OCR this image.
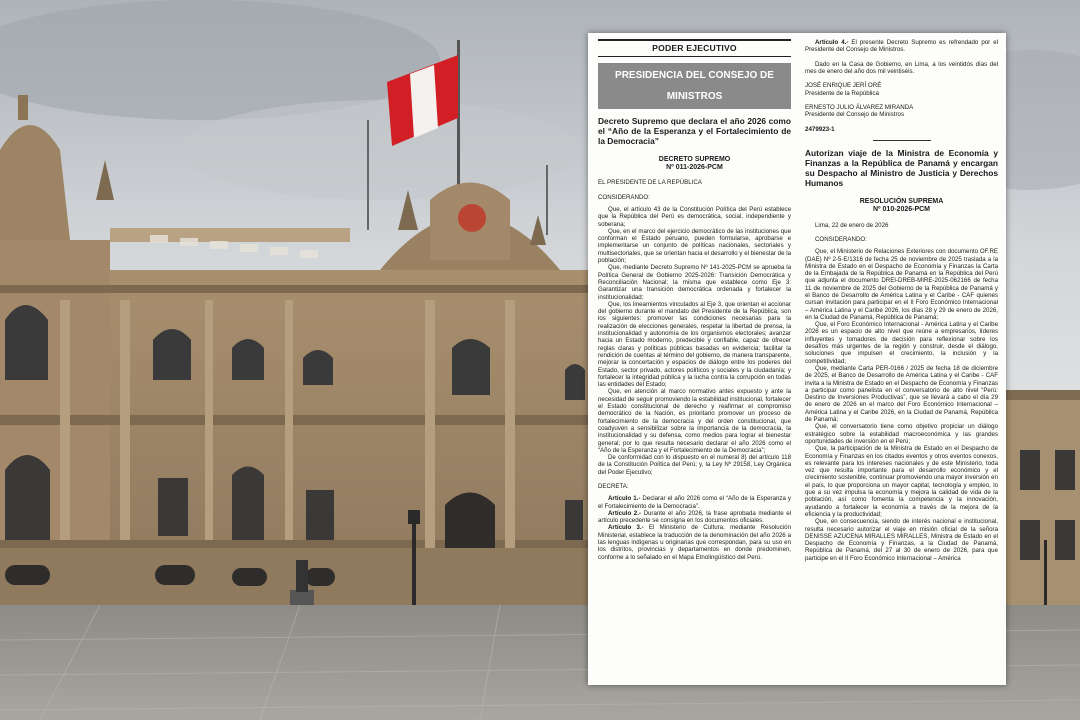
PODER EJECUTIVO
PRESIDENCIA DEL CONSEJO DE MINISTROS
Decreto Supremo que declara el año 2026 como el “Año de la Esperanza y el Fortalecimiento de la Democracia”
DECRETO SUPREMO
Nº 011-2026-PCM
EL PRESIDENTE DE LA REPÚBLICA
CONSIDERANDO:
Que, el artículo 43 de la Constitución Política del Perú establece que la República del Perú es democrática, social, independiente y soberana;
Que, en el marco del ejercicio democrático de las instituciones que conforman el Estado peruano, pueden formularse, aprobarse e implementarse un conjunto de políticas nacionales, sectoriales y multisectoriales, que se orientan hacia el desarrollo y el bienestar de la población;
Que, mediante Decreto Supremo Nº 141-2025-PCM se aprueba la Política General de Gobierno 2025-2026: Transición Democrática y Reconciliación Nacional; la misma que establece como Eje 3: Garantizar una transición democrática ordenada y fortalecer la institucionalidad;
Que, los lineamientos vinculados al Eje 3, que orientan el accionar del gobierno durante el mandato del Presidente de la República, son los siguientes: promover las condiciones necesarias para la realización de elecciones generales, respetar la libertad de prensa, la institucionalidad y autonomía de los organismos electorales; avanzar hacia un Estado moderno, predecible y confiable, capaz de ofrecer reglas claras y políticas públicas basadas en evidencia; facilitar la rendición de cuentas al término del gobierno, de manera transparente, mejorar la concertación y espacios de diálogo entre los poderes del Estado, sector privado, actores políticos y sociales y la ciudadanía; y fortalecer la integridad pública y la lucha contra la corrupción en todas las entidades del Estado;
Que, en atención al marco normativo antes expuesto y ante la necesidad de seguir promoviendo la estabilidad institucional, fortalecer el Estado constitucional de derecho y reafirmar el compromiso democrático de la Nación, es prioritario promover un proceso de fortalecimiento de la democracia y del orden constitucional, que coadyuven a sensibilizar sobre la importancia de la democracia, la institucionalidad y su defensa, como medios para lograr el bienestar general; por lo que resulta necesario declarar el año 2026 como el “Año de la Esperanza y el Fortalecimiento de la Democracia”;
De conformidad con lo dispuesto en el numeral 8) del artículo 118 de la Constitución Política del Perú; y, la Ley Nº 29158, Ley Orgánica del Poder Ejecutivo;
DECRETA:
Artículo 1.- Declarar el año 2026 como el “Año de la Esperanza y el Fortalecimiento de la Democracia”.
Artículo 2.- Durante el año 2026, la frase aprobada mediante el artículo precedente se consigna en los documentos oficiales.
Artículo 3.- El Ministerio de Cultura, mediante Resolución Ministerial, establece la traducción de la denominación del año 2026 a las lenguas indígenas u originarias que correspondan, para su uso en los distritos, provincias y departamentos en donde predominen, conforme a lo señalado en el Mapa Etnolingüístico del Perú.
Artículo 4.- El presente Decreto Supremo es refrendado por el Presidente del Consejo de Ministros.
Dado en la Casa de Gobierno, en Lima, a los veintidós días del mes de enero del año dos mil veintiséis.
JOSÉ ENRIQUE JERÍ ORÉ
Presidente de la República
ERNESTO JULIO ÁLVAREZ MIRANDA
Presidente del Consejo de Ministros
2479923-1
Autorizan viaje de la Ministra de Economía y Finanzas a la República de Panamá y encargan su Despacho al Ministro de Justicia y Derechos Humanos
RESOLUCIÓN SUPREMA
Nº 010-2026-PCM
Lima, 22 de enero de 2026
CONSIDERANDO:
Que, el Ministerio de Relaciones Exteriores con documento OF.RE (DAE) Nº 2-5-E/1316 de fecha 25 de noviembre de 2025 traslada a la Ministra de Estado en el Despacho de Economía y Finanzas la Carta de la Embajada de la República de Panamá en la República del Perú que adjunta el documento DREI-DREB-MIRE-2025-062166 de fecha 11 de noviembre de 2025 del Gobierno de la República de Panamá y el Banco de Desarrollo de América Latina y el Caribe - CAF quienes cursan invitación para participar en el II Foro Económico Internacional – América Latina y el Caribe 2026, los días 28 y 29 de enero de 2026, en la Ciudad de Panamá, República de Panamá;
Que, el Foro Económico Internacional - América Latina y el Caribe 2026 es un espacio de alto nivel que reúne a empresarios, líderes influyentes y tomadores de decisión para reflexionar sobre los desafíos más urgentes de la región y construir, desde el diálogo, soluciones que impulsen el crecimiento, la inclusión y la competitividad;
Que, mediante Carta PER-0166 / 2025 de fecha 18 de diciembre de 2025, el Banco de Desarrollo de América Latina y el Caribe - CAF invita a la Ministra de Estado en el Despacho de Economía y Finanzas a participar como panelista en el conversatorio de alto nivel “Perú: Destino de Inversiones Productivas”, que se llevará a cabo el día 29 de enero de 2026 en el marco del Foro Económico Internacional – América Latina y el Caribe 2026, en la Ciudad de Panamá, República de Panamá;
Que, el conversatorio tiene como objetivo propiciar un diálogo estratégico sobre la estabilidad macroeconómica y las grandes oportunidades de inversión en el Perú;
Que, la participación de la Ministra de Estado en el Despacho de Economía y Finanzas en los citados eventos y otros eventos conexos, es relevante para los intereses nacionales y de este Ministerio, toda vez que resulta importante para el desarrollo económico y el crecimiento sostenible, continuar promoviendo una mayor inversión en el país, lo que proporciona un mayor capital, tecnología y empleo, lo que a su vez impulsa la economía y mejora la calidad de vida de la población, así como fomenta la competencia y la innovación, ayudando a fortalecer la economía a través de la mejora de la eficiencia y la productividad;
Que, en consecuencia, siendo de interés nacional e institucional, resulta necesario autorizar el viaje en misión oficial de la señora DENISSE AZUCENA MIRALLES MIRALLES, Ministra de Estado en el Despacho de Economía y Finanzas, a la Ciudad de Panamá, República de Panamá, del 27 al 30 de enero de 2026, para que participe en el II Foro Económico Internacional – América
